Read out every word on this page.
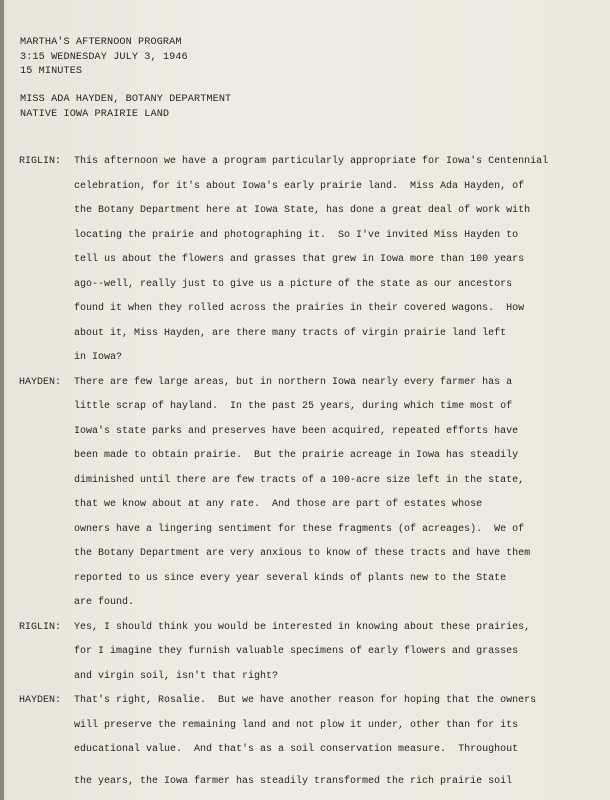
MARTHA'S AFTERNOON PROGRAM
3:15 WEDNESDAY JULY 3, 1946
15 MINUTES
MISS ADA HAYDEN, BOTANY DEPARTMENT
NATIVE IOWA PRAIRIE LAND
RIGLIN: This afternoon we have a program particularly appropriate for Iowa's Centennial
celebration, for it's about Iowa's early prairie land.  Miss Ada Hayden, of
the Botany Department here at Iowa State, has done a great deal of work with
locating the prairie and photographing it.  So I've invited Miss Hayden to
tell us about the flowers and grasses that grew in Iowa more than 100 years
ago--well, really just to give us a picture of the state as our ancestors
found it when they rolled across the prairies in their covered wagons.  How
about it, Miss Hayden, are there many tracts of virgin prairie land left
in Iowa?
HAYDEN: There are few large areas, but in northern Iowa nearly every farmer has a
little scrap of hayland.  In the past 25 years, during which time most of
Iowa's state parks and preserves have been acquired, repeated efforts have
been made to obtain prairie.  But the prairie acreage in Iowa has steadily
diminished until there are few tracts of a 100-acre size left in the state,
that we know about at any rate.  And those are part of estates whose
owners have a lingering sentiment for these fragments (of acreages).  We of
the Botany Department are very anxious to know of these tracts and have them
reported to us since every year several kinds of plants new to the State
are found.
RIGLIN: Yes, I should think you would be interested in knowing about these prairies,
for I imagine they furnish valuable specimens of early flowers and grasses
and virgin soil, isn't that right?
HAYDEN: That's right, Rosalie.  But we have another reason for hoping that the owners
will preserve the remaining land and not plow it under, other than for its
educational value.  And that's as a soil conservation measure.  Throughout
the years, the Iowa farmer has steadily transformed the rich prairie soil
